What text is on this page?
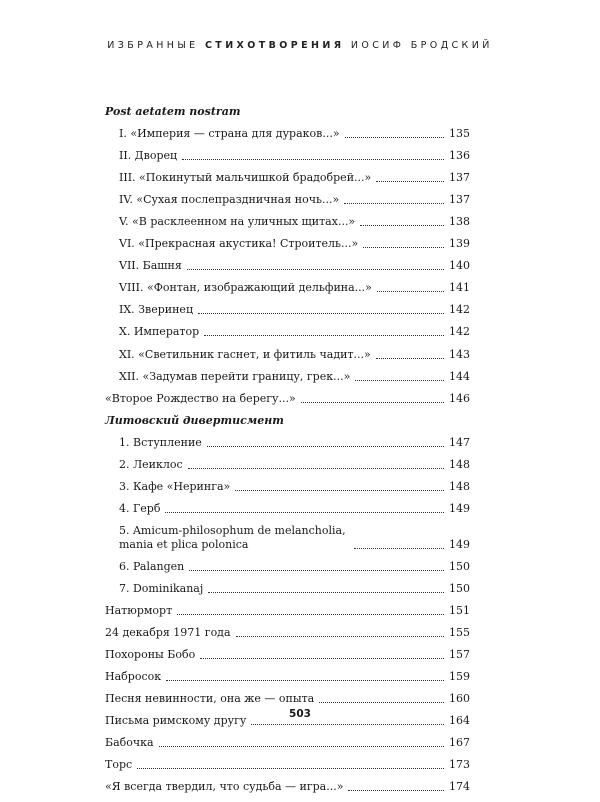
ИЗБРАННЫЕ СТИХОТВОРЕНИЯ ИОСИФ БРОДСКИЙ
Post aetatem nostram
I. «Империя — страна для дураков...»	135
II. Дворец	136
III. «Покинутый мальчишкой брадобрей...»	137
IV. «Сухая послепраздничная ночь...»	137
V. «В расклеенном на уличных щитах...»	138
VI. «Прекрасная акустика! Строитель...»	139
VII. Башня	140
VIII. «Фонтан, изображающий дельфина...»	141
IX. Зверинец	142
X. Император	142
XI. «Светильник гаснет, и фитиль чадит...»	143
XII. «Задумав перейти границу, грек...»	144
«Второе Рождество на берегу...»	146
Литовский дивертисмент
1. Вступление	147
2. Леиклос	148
3. Кафе «Неринга»	148
4. Герб	149
5. Amicum-philosophum de melancholia, mania et plica polonica	149
6. Palangen	150
7. Dominikanaj	150
Натюрморт	151
24 декабря 1971 года	155
Похороны Бобо	157
Набросок	159
Песня невинности, она же — опыта	160
Письма римскому другу	164
Бабочка	167
Торс	173
«Я всегда твердил, что судьба — игра...»	174
503
